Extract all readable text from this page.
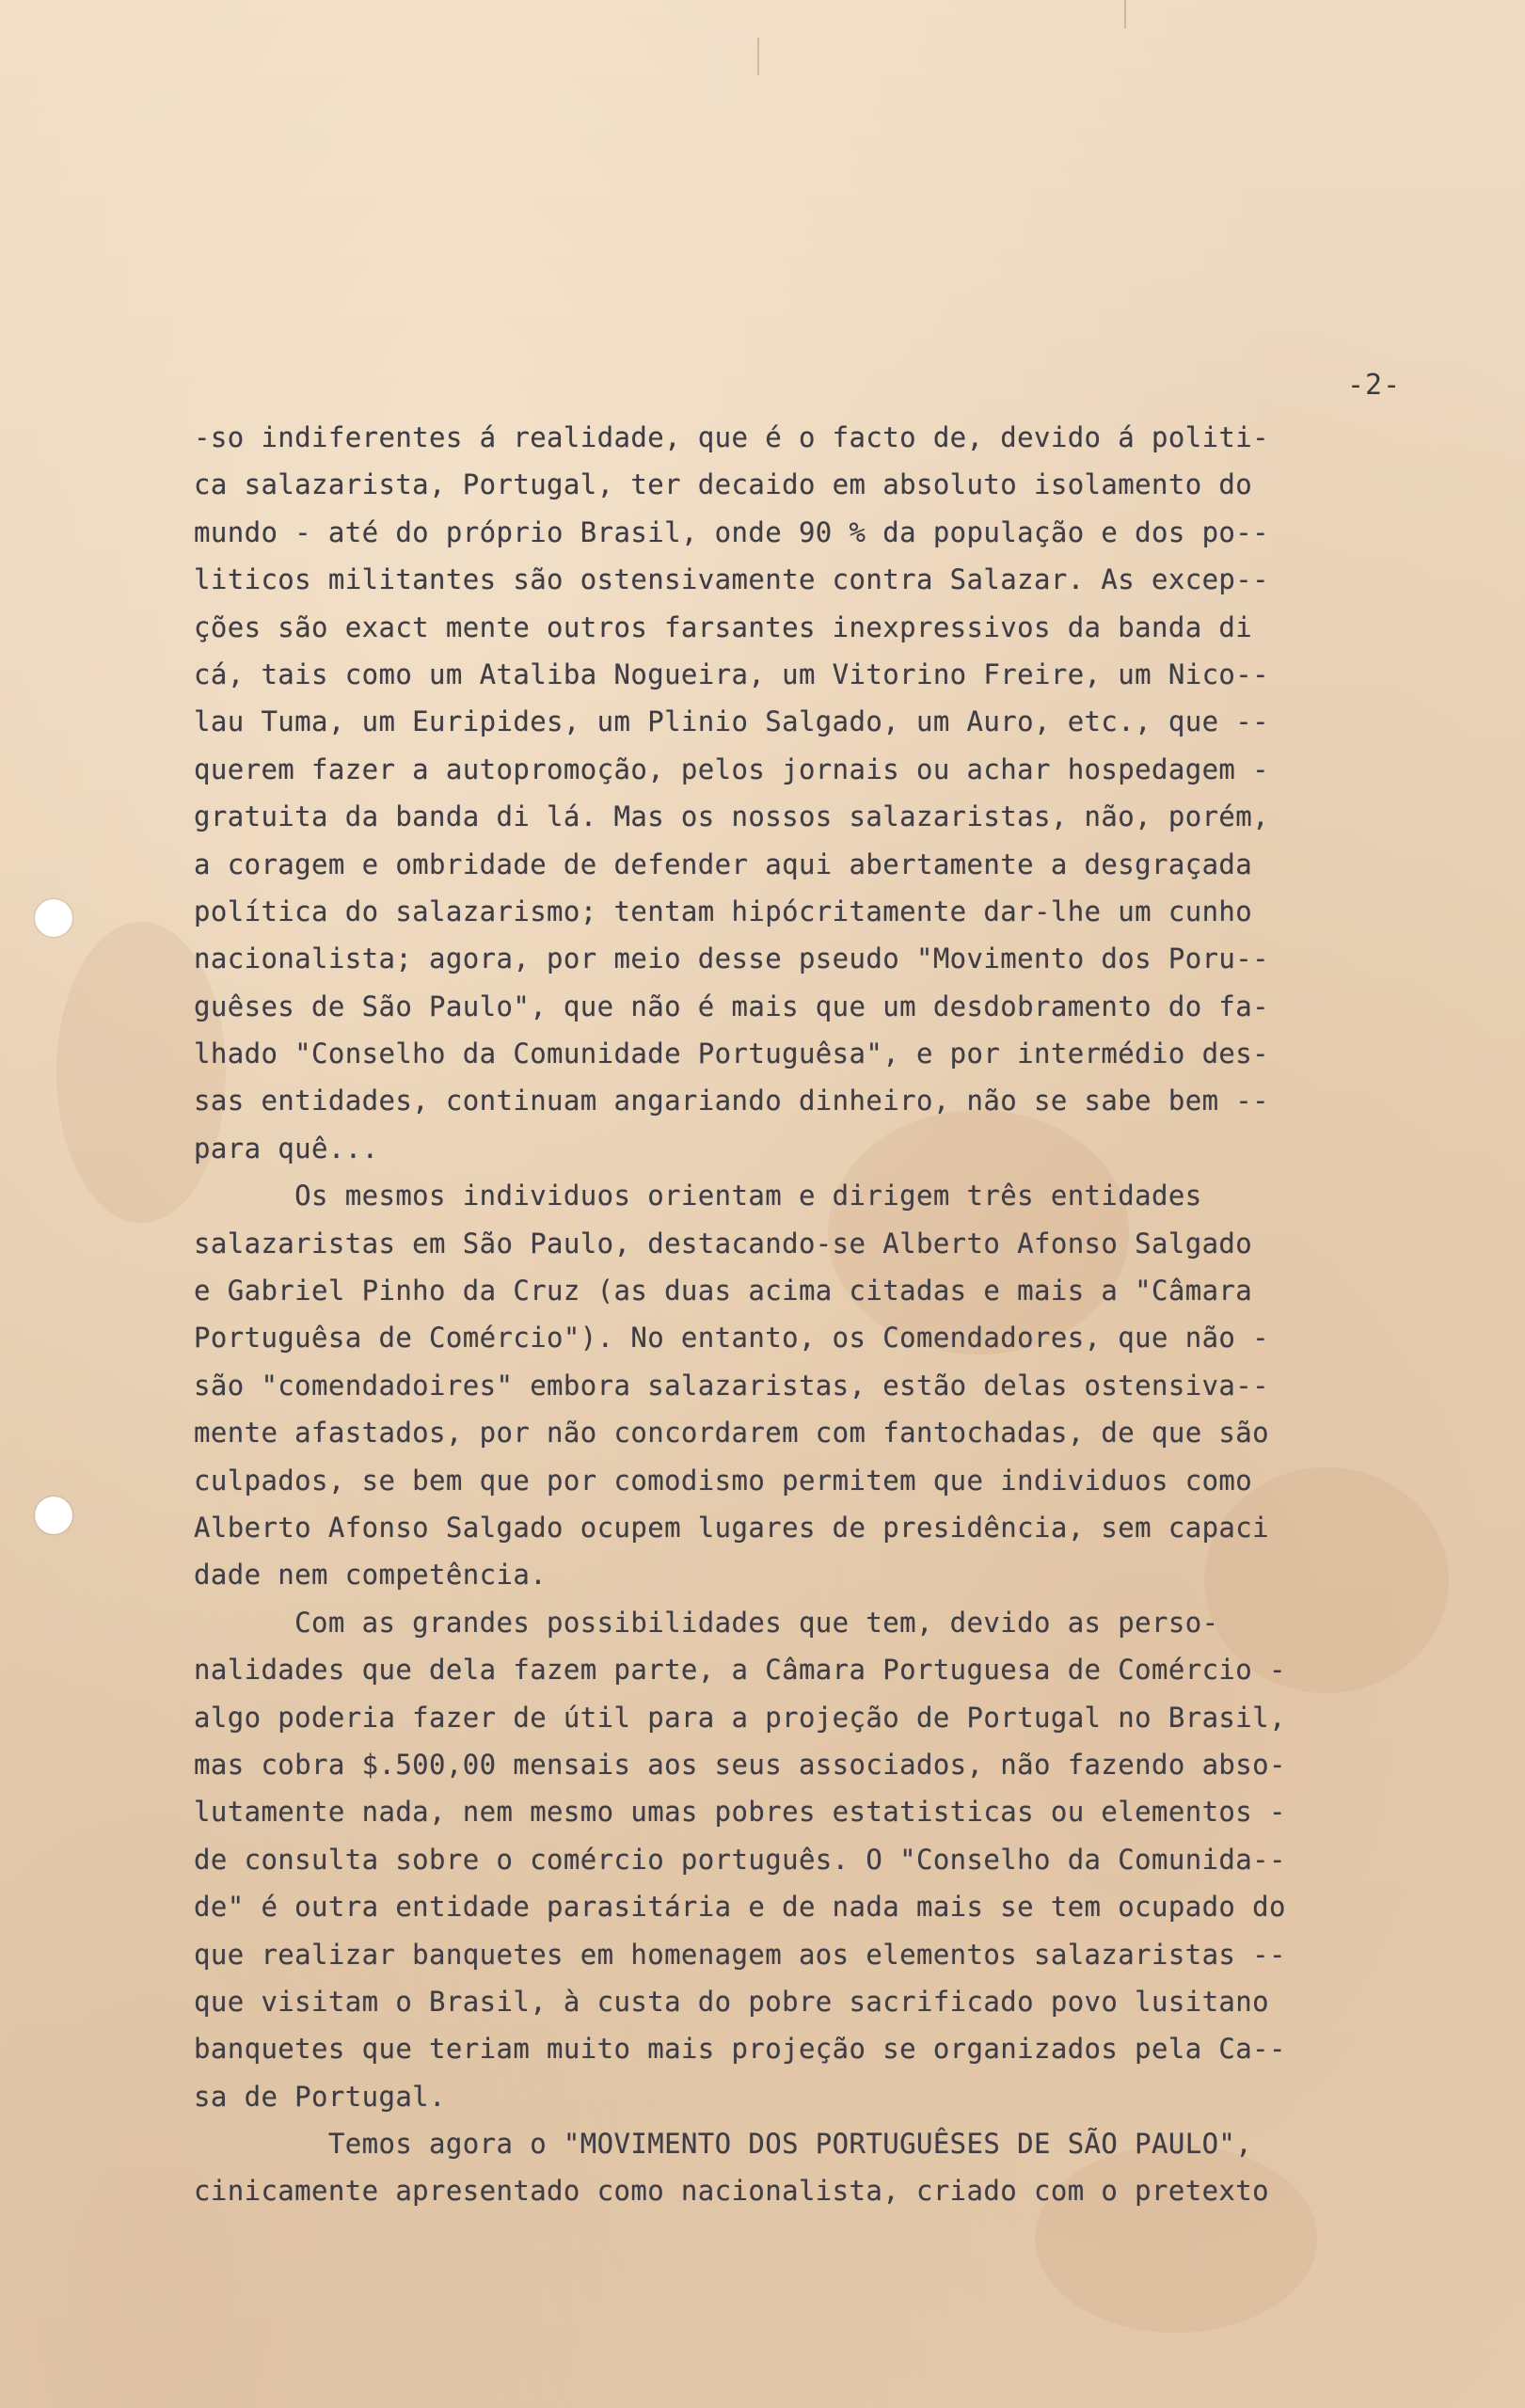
-2-
-so indiferentes á realidade, que é o facto de, devido á politi-
ca salazarista, Portugal, ter decaido em absoluto isolamento do
mundo - até do próprio Brasil, onde 90 % da população e dos po--
liticos militantes são ostensivamente contra Salazar. As excep--
ções são exact mente outros farsantes inexpressivos da banda di
cá, tais como um Ataliba Nogueira, um Vitorino Freire, um Nico--
lau Tuma, um Euripides, um Plinio Salgado, um Auro, etc., que --
querem fazer a autopromoção, pelos jornais ou achar hospedagem -
gratuita da banda di lá. Mas os nossos salazaristas, não, porém,
a coragem e ombridade de defender aqui abertamente a desgraçada
política do salazarismo; tentam hipócritamente dar-lhe um cunho
nacionalista; agora, por meio desse pseudo "Movimento dos Poru--
guêses de São Paulo", que não é mais que um desdobramento do fa-
lhado "Conselho da Comunidade Portuguêsa", e por intermédio des-
sas entidades, continuam angariando dinheiro, não se sabe bem --
para quê...
Os mesmos individuos orientam e dirigem três entidades
salazaristas em São Paulo, destacando-se Alberto Afonso Salgado
e Gabriel Pinho da Cruz (as duas acima citadas e mais a "Câmara
Portuguêsa de Comércio"). No entanto, os Comendadores, que não -
são "comendadoires" embora salazaristas, estão delas ostensiva--
mente afastados, por não concordarem com fantochadas, de que são
culpados, se bem que por comodismo permitem que individuos como
Alberto Afonso Salgado ocupem lugares de presidência, sem capaci
dade nem competência.
Com as grandes possibilidades que tem, devido as perso-
nalidades que dela fazem parte, a Câmara Portuguesa de Comércio -
algo poderia fazer de útil para a projeção de Portugal no Brasil,
mas cobra $.500,00 mensais aos seus associados, não fazendo abso-
lutamente nada, nem mesmo umas pobres estatisticas ou elementos -
de consulta sobre o comércio português. O "Conselho da Comunida--
de" é outra entidade parasitária e de nada mais se tem ocupado do
que realizar banquetes em homenagem aos elementos salazaristas --
que visitam o Brasil, à custa do pobre sacrificado povo lusitano
banquetes que teriam muito mais projeção se organizados pela Ca--
sa de Portugal.
Temos agora o "MOVIMENTO DOS PORTUGUÊSES DE SÃO PAULO",
cinicamente apresentado como nacionalista, criado com o pretexto
